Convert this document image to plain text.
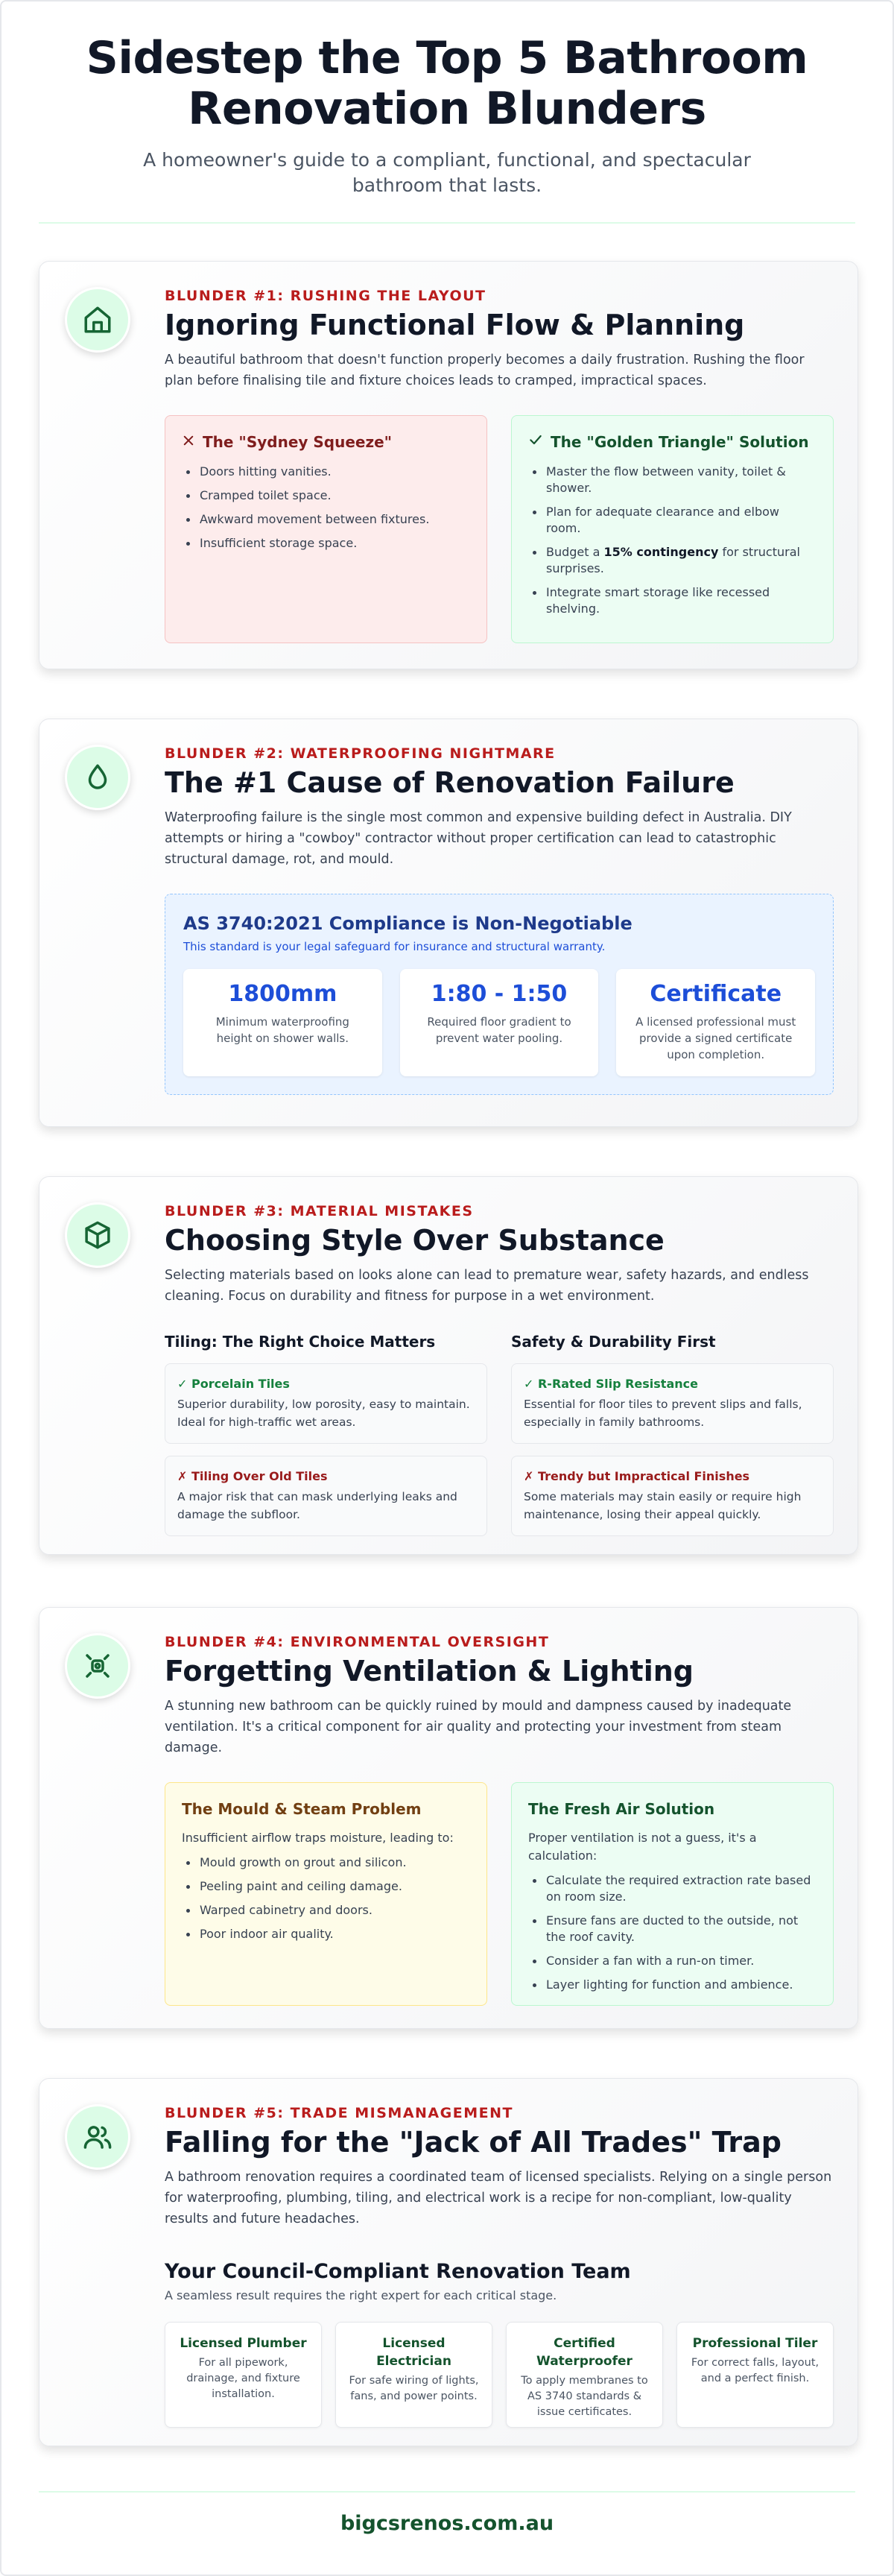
Sidestep the Top 5 Bathroom Renovation Blunders

A homeowner's guide to a compliant, functional, and spectacular bathroom that lasts.

BLUNDER #1: RUSHING THE LAYOUT
Ignoring Functional Flow & Planning

A beautiful bathroom that doesn't function properly becomes a daily frustration. Rushing the floor plan before finalising tile and fixture choices leads to cramped, impractical spaces.

The "Sydney Squeeze"
Doors hitting vanities.
Cramped toilet space.
Awkward movement between fixtures.
Insufficient storage space.
The "Golden Triangle" Solution
Master the flow between vanity, toilet & shower.
Plan for adequate clearance and elbow room.
Budget a 15% contingency for structural surprises.
Integrate smart storage like recessed shelving.
BLUNDER #2: WATERPROOFING NIGHTMARE
The #1 Cause of Renovation Failure

Waterproofing failure is the single most common and expensive building defect in Australia. DIY attempts or hiring a "cowboy" contractor without proper certification can lead to catastrophic structural damage, rot, and mould.

AS 3740:2021 Compliance is Non-Negotiable
This standard is your legal safeguard for insurance and structural warranty.
1800mm
Minimum waterproofing height on shower walls.
1:80 - 1:50
Required floor gradient to prevent water pooling.
Certificate
A licensed professional must provide a signed certificate upon completion.
BLUNDER #3: MATERIAL MISTAKES
Choosing Style Over Substance

Selecting materials based on looks alone can lead to premature wear, safety hazards, and endless cleaning. Focus on durability and fitness for purpose in a wet environment.

Tiling: The Right Choice Matters
✓ Porcelain Tiles
Superior durability, low porosity, easy to maintain. Ideal for high-traffic wet areas.
✗ Tiling Over Old Tiles
A major risk that can mask underlying leaks and damage the subfloor.
Safety & Durability First
✓ R-Rated Slip Resistance
Essential for floor tiles to prevent slips and falls, especially in family bathrooms.
✗ Trendy but Impractical Finishes
Some materials may stain easily or require high maintenance, losing their appeal quickly.
BLUNDER #4: ENVIRONMENTAL OVERSIGHT
Forgetting Ventilation & Lighting

A stunning new bathroom can be quickly ruined by mould and dampness caused by inadequate ventilation. It's a critical component for air quality and protecting your investment from steam damage.

The Mould & Steam Problem
Insufficient airflow traps moisture, leading to:
Mould growth on grout and silicon.
Peeling paint and ceiling damage.
Warped cabinetry and doors.
Poor indoor air quality.
The Fresh Air Solution
Proper ventilation is not a guess, it's a calculation:
Calculate the required extraction rate based on room size.
Ensure fans are ducted to the outside, not the roof cavity.
Consider a fan with a run-on timer.
Layer lighting for function and ambience.
BLUNDER #5: TRADE MISMANAGEMENT
Falling for the "Jack of All Trades" Trap

A bathroom renovation requires a coordinated team of licensed specialists. Relying on a single person for waterproofing, plumbing, tiling, and electrical work is a recipe for non-compliant, low-quality results and future headaches.

Your Council-Compliant Renovation Team
A seamless result requires the right expert for each critical stage.
Licensed Plumber
For all pipework, drainage, and fixture installation.
Licensed Electrician
For safe wiring of lights, fans, and power points.
Certified Waterproofer
To apply membranes to AS 3740 standards & issue certificates.
Professional Tiler
For correct falls, layout, and a perfect finish.
bigcsrenos.com.au
